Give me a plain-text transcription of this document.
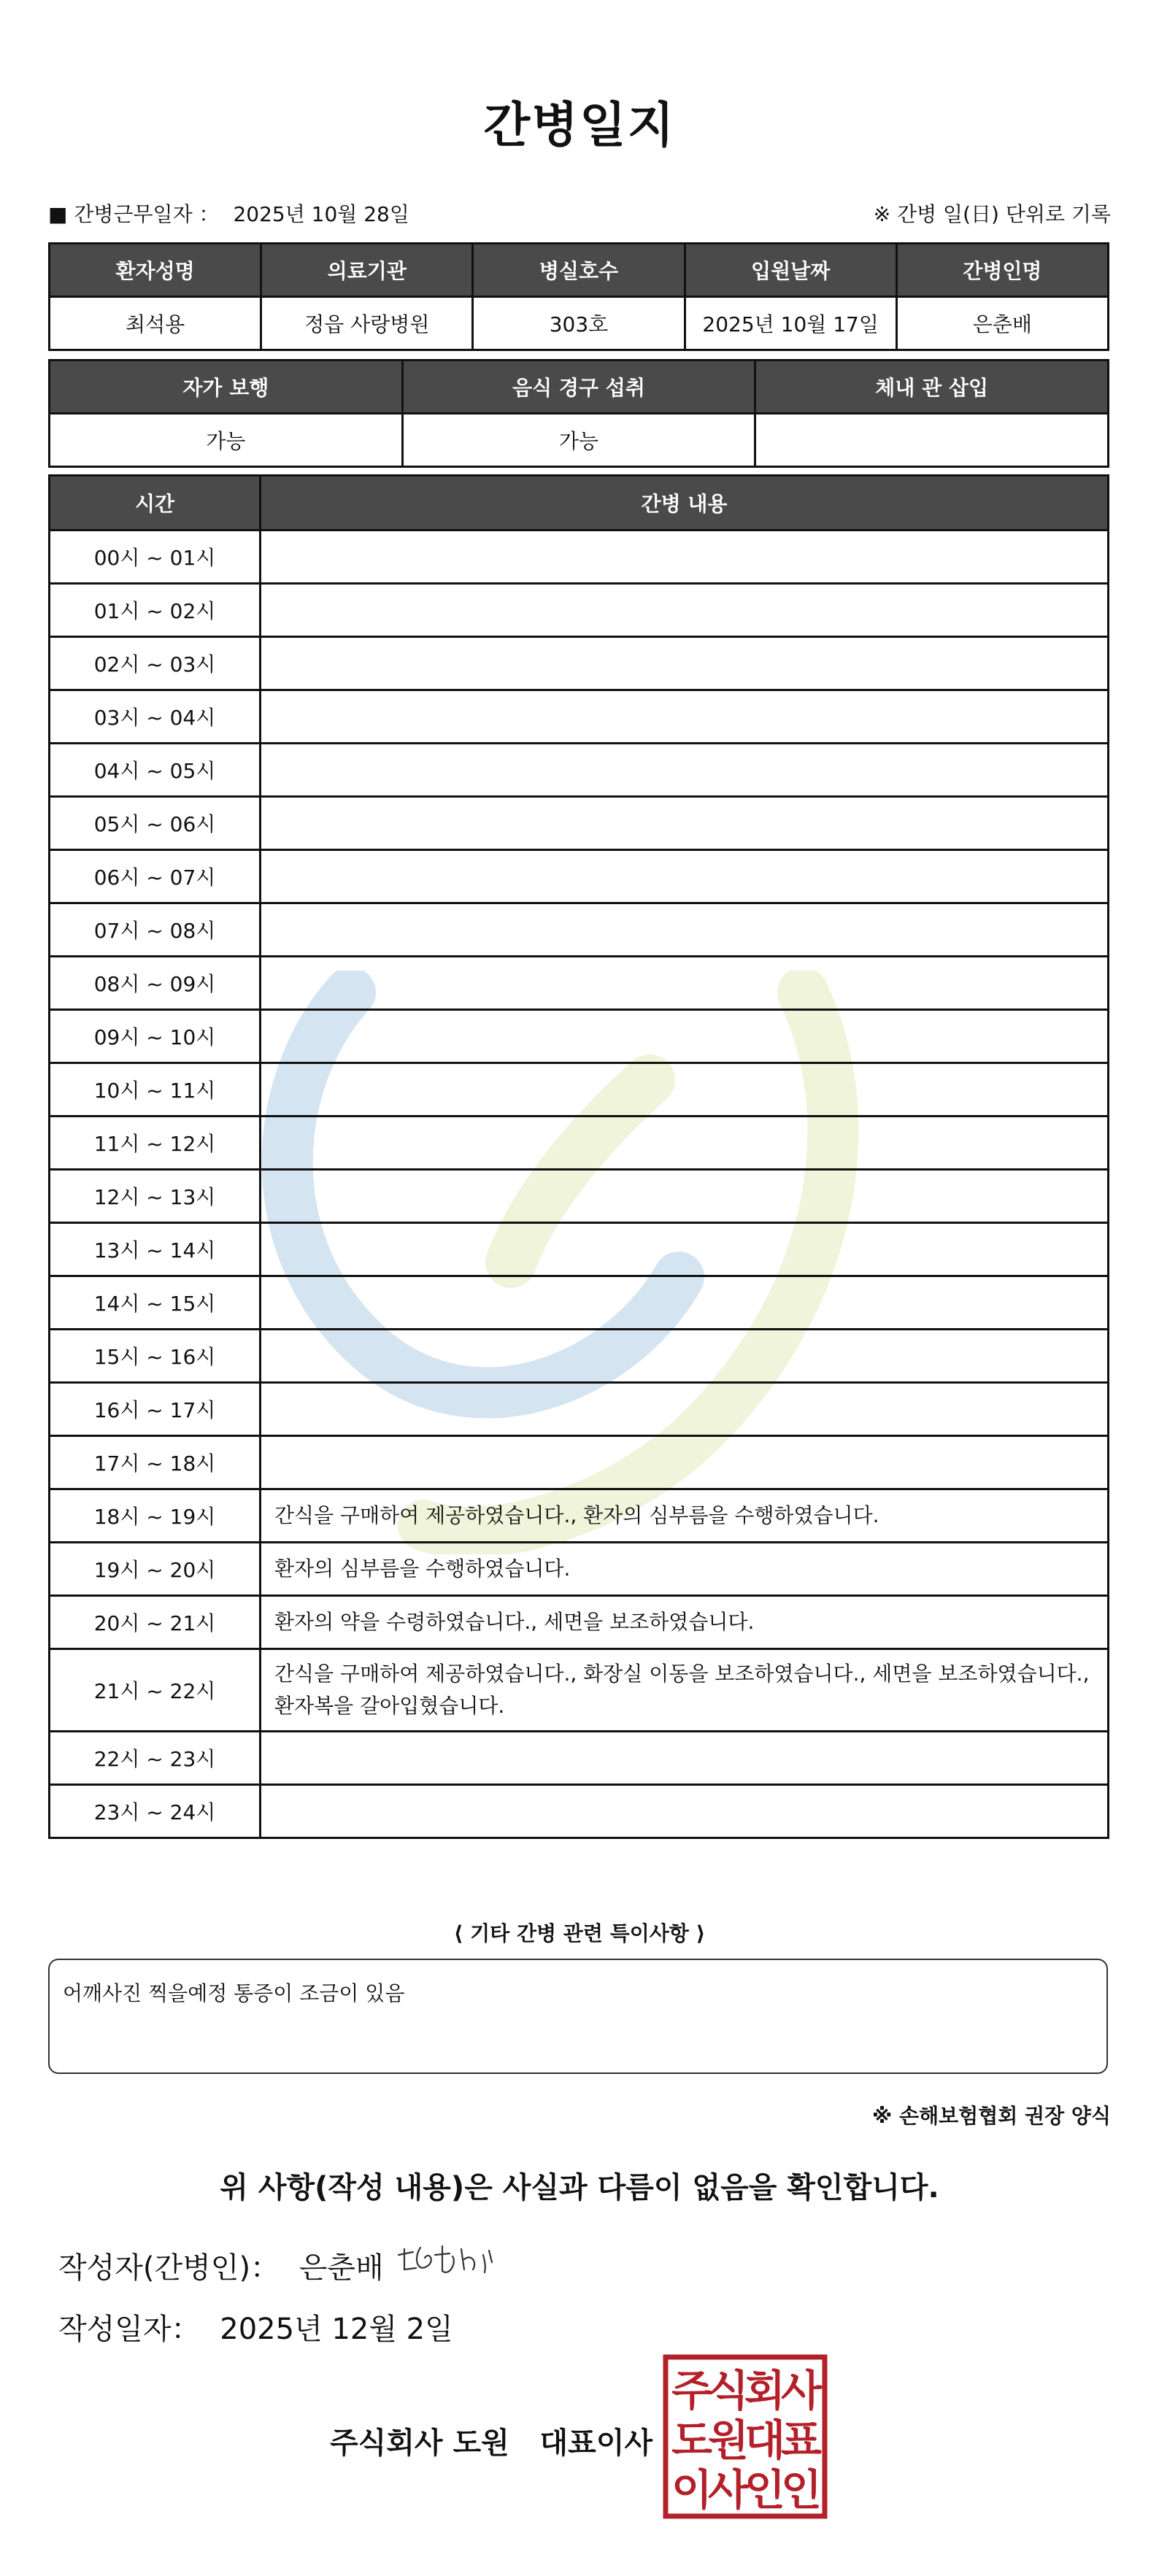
간병일지
■ 간병근무일자 ： 2025년 10월 28일	※ 간병 일(日) 단위로 기록
환자성명	의료기관	병실호수	입원날짜	간병인명
최석용	정읍 사랑병원	303호	2025년 10월 17일	은춘배
자가 보행	음식 경구 섭취	체내 관 삽입
가능	가능	
시간	간병 내용
00시 ~ 01시	
01시 ~ 02시	
02시 ~ 03시	
03시 ~ 04시	
04시 ~ 05시	
05시 ~ 06시	
06시 ~ 07시	
07시 ~ 08시	
08시 ~ 09시	
09시 ~ 10시	
10시 ~ 11시	
11시 ~ 12시	
12시 ~ 13시	
13시 ~ 14시	
14시 ~ 15시	
15시 ~ 16시	
16시 ~ 17시	
17시 ~ 18시	
18시 ~ 19시	간식을 구매하여 제공하였습니다., 환자의 심부름을 수행하였습니다.
19시 ~ 20시	환자의 심부름을 수행하였습니다.
20시 ~ 21시	환자의 약을 수령하였습니다., 세면을 보조하였습니다.
21시 ~ 22시	간식을 구매하여 제공하였습니다., 화장실 이동을 보조하였습니다., 세면을 보조하였습니다., 환자복을 갈아입혔습니다.
22시 ~ 23시	
23시 ~ 24시	
⟨ 기타 간병 관련 특이사항 ⟩
어깨사진 찍을예정 통증이 조금이 있음
※ 손해보험협회 권장 양식
위 사항(작성 내용)은 사실과 다름이 없음을 확인합니다.
작성자(간병인)： 은춘배
작성일자： 2025년 12월 2일
주식회사 도원   대표이사
주
식
회
사
도
원
대
표
이
사
인
인
